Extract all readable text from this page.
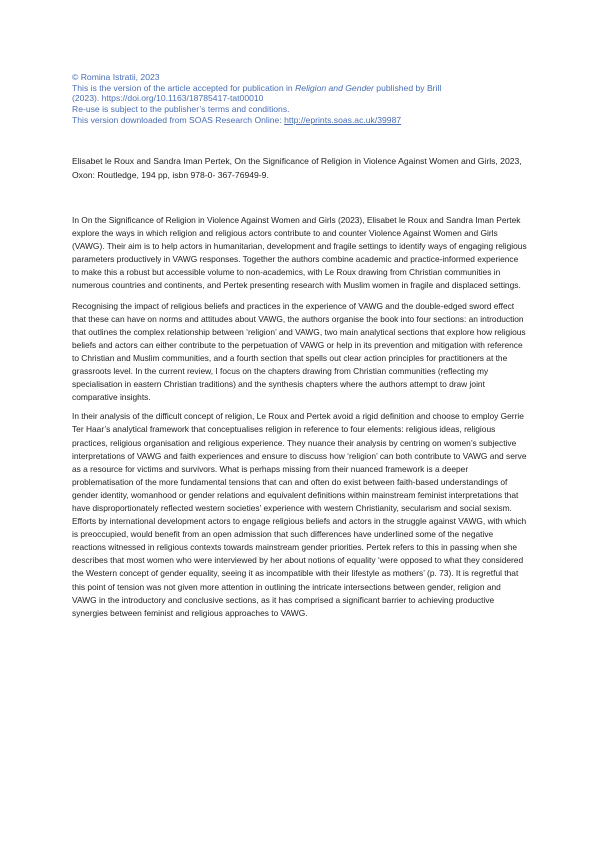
© Romina Istratii, 2023
This is the version of the article accepted for publication in Religion and Gender published by Brill
(2023). https://doi.org/10.1163/18785417-tat00010
Re-use is subject to the publisher’s terms and conditions.
This version downloaded from SOAS Research Online: http://eprints.soas.ac.uk/39987
Elisabet le Roux and Sandra Iman Pertek, On the Significance of Religion in Violence Against Women and Girls, 2023, Oxon: Routledge, 194 pp, isbn 978-0- 367-76949-9.

In On the Significance of Religion in Violence Against Women and Girls (2023), Elisabet le Roux and Sandra Iman Pertek explore the ways in which religion and religious actors contribute to and counter Violence Against Women and Girls (VAWG). Their aim is to help actors in humanitarian, development and fragile settings to identify ways of engaging religious parameters productively in VAWG responses. Together the authors combine academic and practice-informed experience to make this a robust but accessible volume to non-academics, with Le Roux drawing from Christian communities in numerous countries and continents, and Pertek presenting research with Muslim women in fragile and displaced settings.

Recognising the impact of religious beliefs and practices in the experience of VAWG and the double-edged sword effect that these can have on norms and attitudes about VAWG, the authors organise the book into four sections: an introduction that outlines the complex relationship between ‘religion’ and VAWG, two main analytical sections that explore how religious beliefs and actors can either contribute to the perpetuation of VAWG or help in its prevention and mitigation with reference to Christian and Muslim communities, and a fourth section that spells out clear action principles for practitioners at the grassroots level. In the current review, I focus on the chapters drawing from Christian communities (reflecting my specialisation in eastern Christian traditions) and the synthesis chapters where the authors attempt to draw joint comparative insights.

In their analysis of the difficult concept of religion, Le Roux and Pertek avoid a rigid definition and choose to employ Gerrie Ter Haar’s analytical framework that conceptualises religion in reference to four elements: religious ideas, religious practices, religious organisation and religious experience. They nuance their analysis by centring on women’s subjective interpretations of VAWG and faith experiences and ensure to discuss how ‘religion’ can both contribute to VAWG and serve as a resource for victims and survivors. What is perhaps missing from their nuanced framework is a deeper problematisation of the more fundamental tensions that can and often do exist between faith-based understandings of gender identity, womanhood or gender relations and equivalent definitions within mainstream feminist interpretations that have disproportionately reflected western societies’ experience with western Christianity, secularism and social sexism. Efforts by international development actors to engage religious beliefs and actors in the struggle against VAWG, with which is preoccupied, would benefit from an open admission that such differences have underlined some of the negative reactions witnessed in religious contexts towards mainstream gender priorities. Pertek refers to this in passing when she describes that most women who were interviewed by her about notions of equality ‘were opposed to what they considered the Western concept of gender equality, seeing it as incompatible with their lifestyle as mothers’ (p. 73). It is regretful that this point of tension was not given more attention in outlining the intricate intersections between gender, religion and VAWG in the introductory and conclusive sections, as it has comprised a significant barrier to achieving productive synergies between feminist and religious approaches to VAWG.
